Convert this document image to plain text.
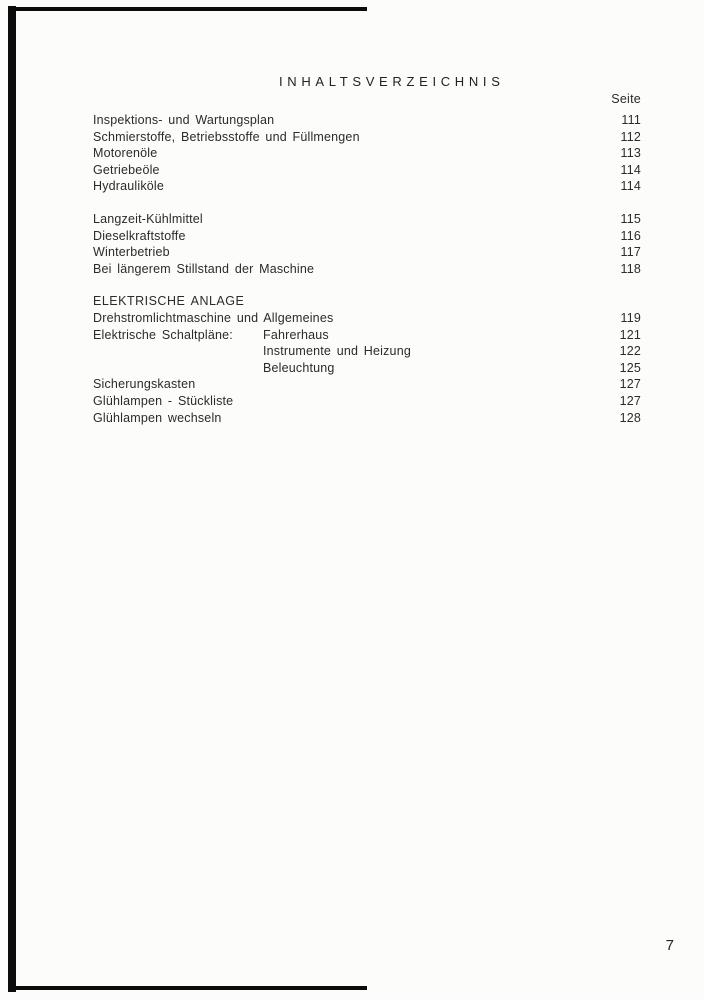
INHALTSVERZEICHNIS
Seite
Inspektions- und Wartungsplan	111
Schmierstoffe, Betriebsstoffe und Füllmengen	112
Motorenöle	113
Getriebeöle	114
Hydrauliköle	114
Langzeit-Kühlmittel	115
Dieselkraftstoffe	116
Winterbetrieb	117
Bei längerem Stillstand der Maschine	118
ELEKTRISCHE ANLAGE
Drehstromlichtmaschine und Allgemeines	119
Elektrische Schaltpläne: Fahrerhaus	121
Instrumente und Heizung	122
Beleuchtung	125
Sicherungskasten	127
Glühlampen - Stückliste	127
Glühlampen wechseln	128
7
